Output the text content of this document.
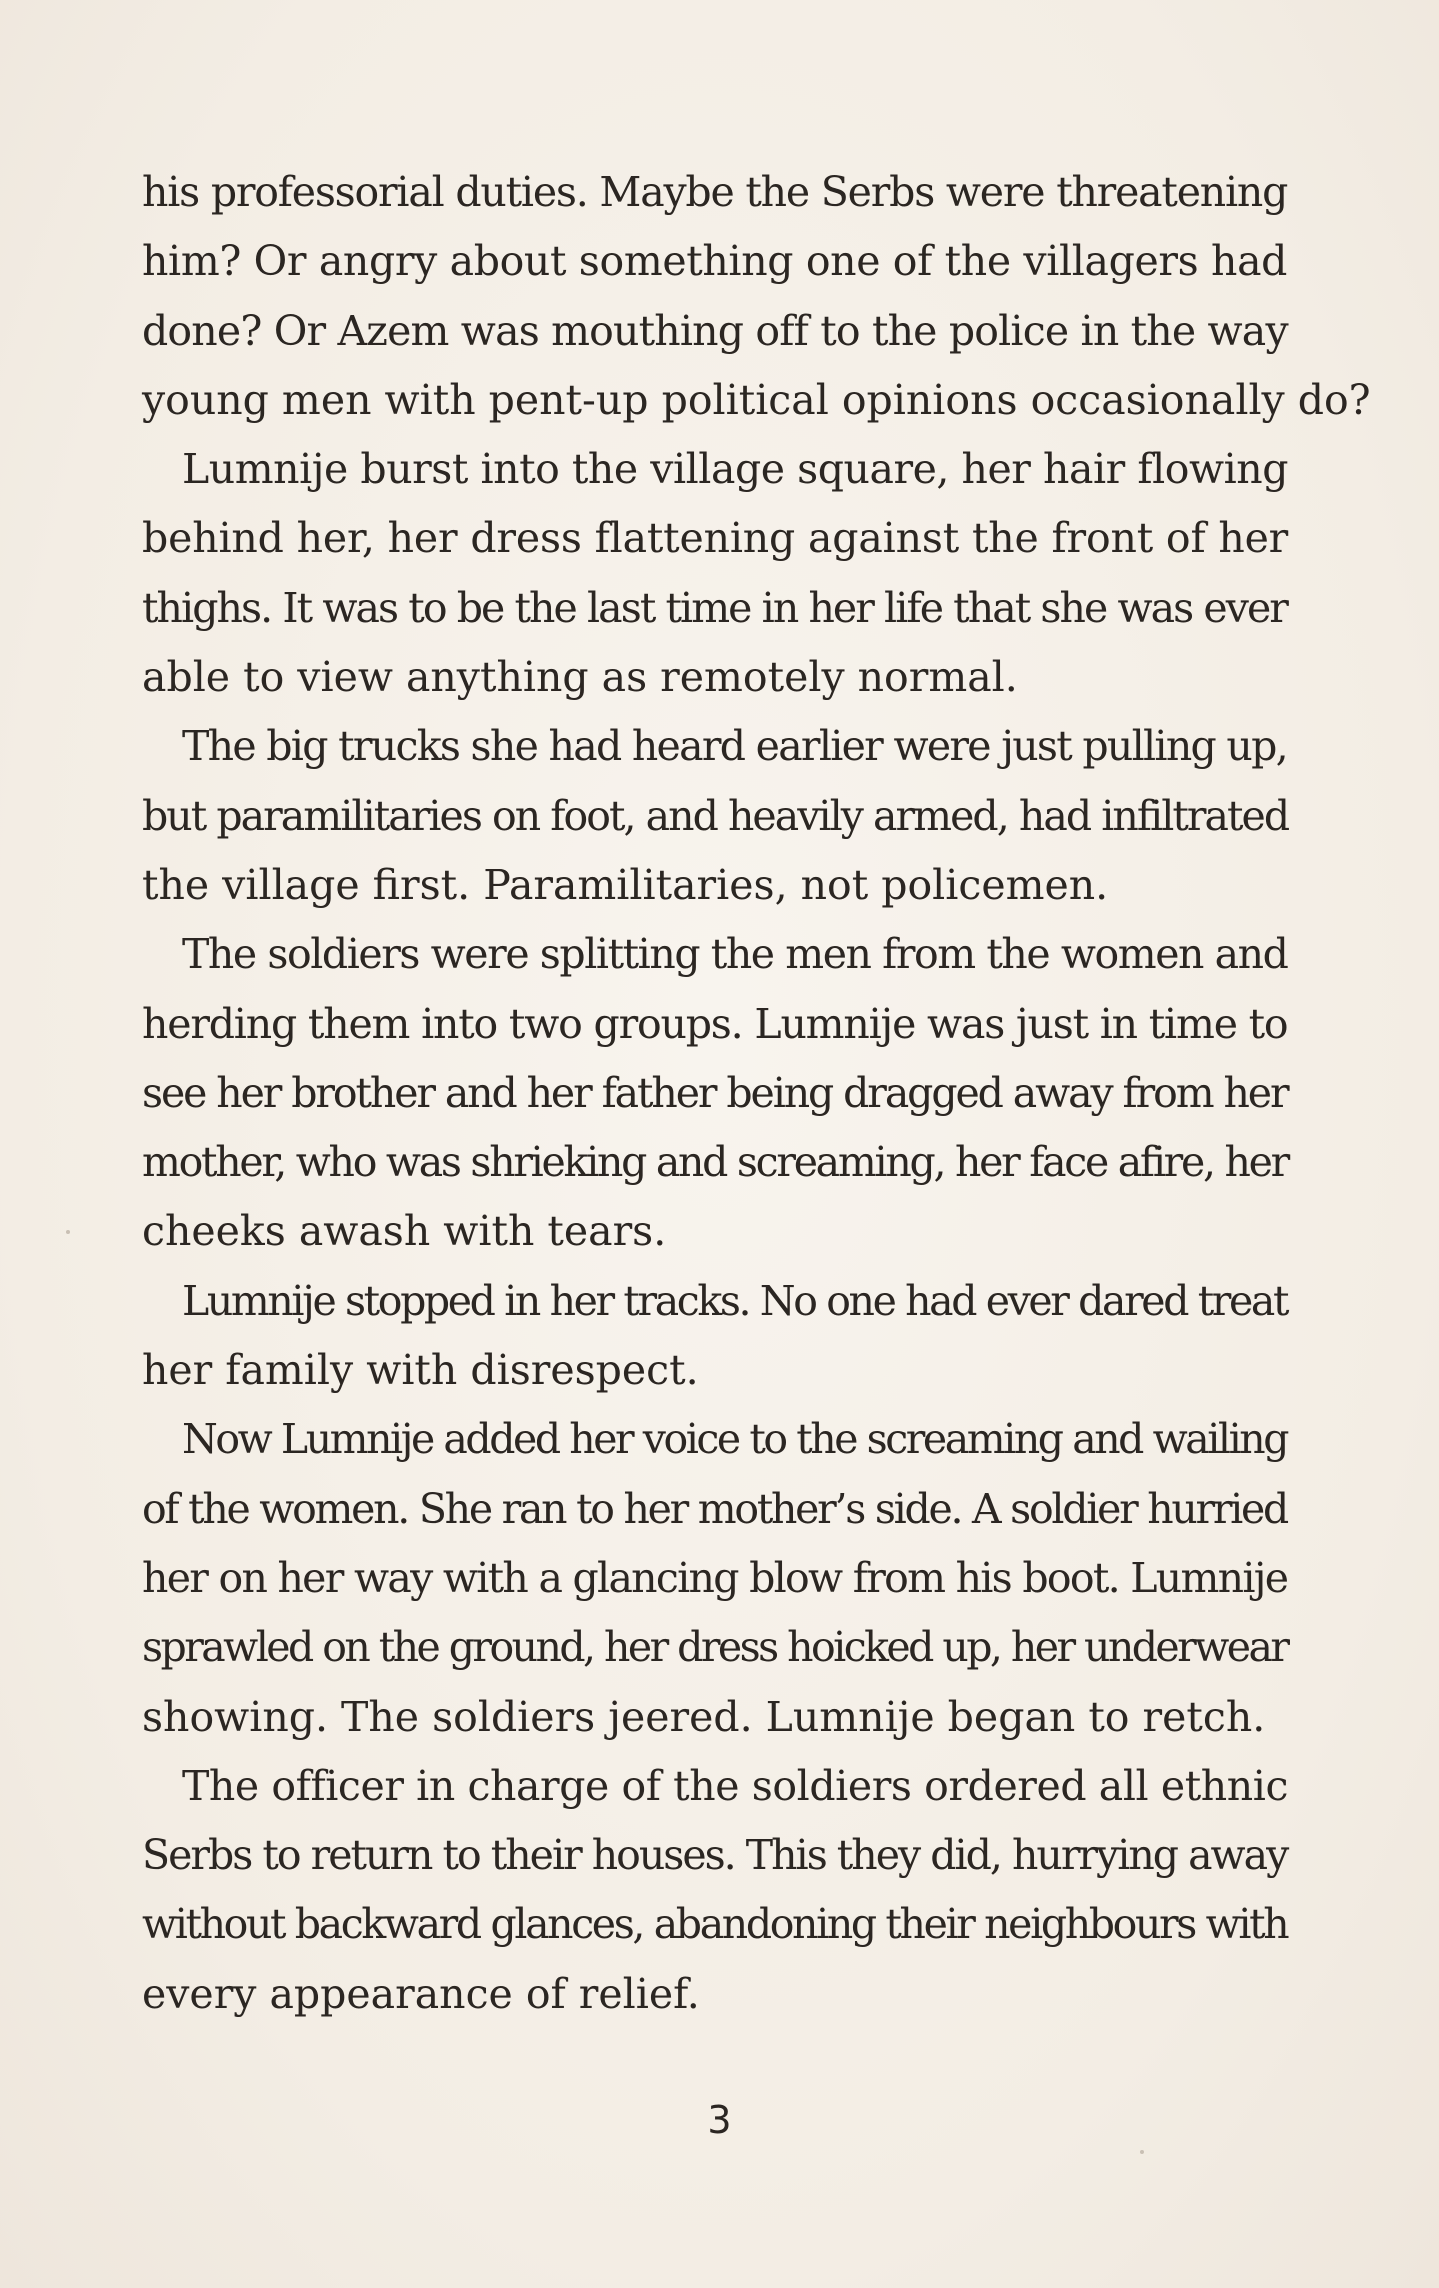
his professorial duties. Maybe the Serbs were threatening
him? Or angry about something one of the villagers had
done? Or Azem was mouthing off to the police in the way
young men with pent-up political opinions occasionally do?
Lumnije burst into the village square, her hair flowing
behind her, her dress flattening against the front of her
thighs. It was to be the last time in her life that she was ever
able to view anything as remotely normal.
The big trucks she had heard earlier were just pulling up,
but paramilitaries on foot, and heavily armed, had infiltrated
the village first. Paramilitaries, not policemen.
The soldiers were splitting the men from the women and
herding them into two groups. Lumnije was just in time to
see her brother and her father being dragged away from her
mother, who was shrieking and screaming, her face afire, her
cheeks awash with tears.
Lumnije stopped in her tracks. No one had ever dared treat
her family with disrespect.
Now Lumnije added her voice to the screaming and wailing
of the women. She ran to her mother’s side. A soldier hurried
her on her way with a glancing blow from his boot. Lumnije
sprawled on the ground, her dress hoicked up, her underwear
showing. The soldiers jeered. Lumnije began to retch.
The officer in charge of the soldiers ordered all ethnic
Serbs to return to their houses. This they did, hurrying away
without backward glances, abandoning their neighbours with
every appearance of relief.
3
